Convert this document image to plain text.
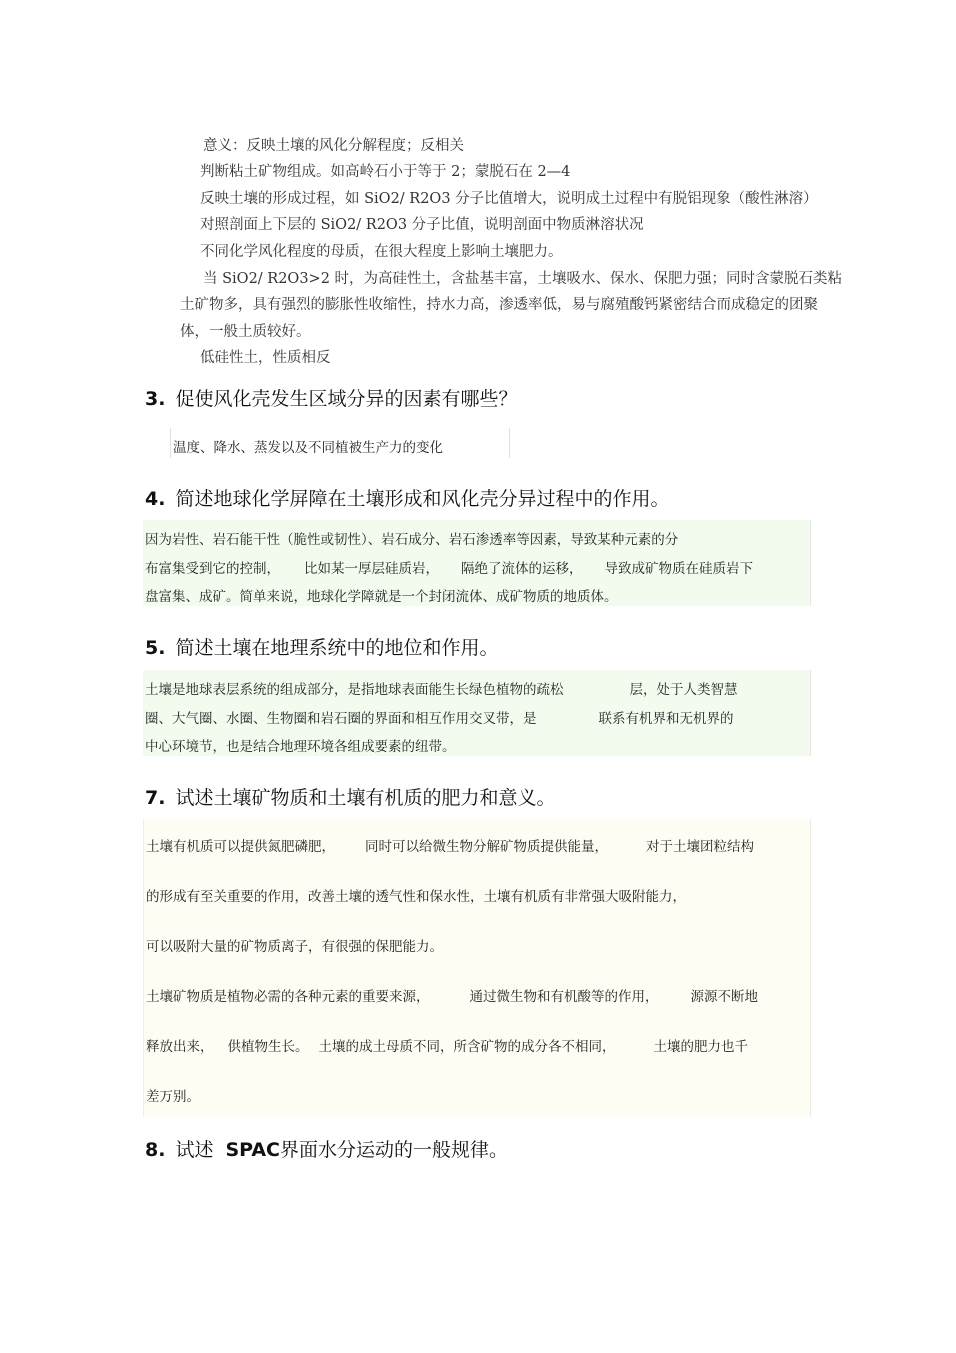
意义：反映土壤的风化分解程度；反相关
判断粘土矿物组成。如高岭石小于等于 2；蒙脱石在 2—4
反映土壤的形成过程，如 SiO2/ R2O3 分子比值增大，说明成土过程中有脱铝现象（酸性淋溶）
对照剖面上下层的 SiO2/ R2O3 分子比值，说明剖面中物质淋溶状况
不同化学风化程度的母质，在很大程度上影响土壤肥力。
当 SiO2/ R2O3>2 时，为高硅性土，含盐基丰富，土壤吸水、保水、保肥力强；同时含蒙脱石类粘
土矿物多，具有强烈的膨胀性收缩性，持水力高，渗透率低，易与腐殖酸钙紧密结合而成稳定的团聚
体，一般土质较好。
低硅性土，性质相反
3. 促使风化壳发生区域分异的因素有哪些？

温度、降水、蒸发以及不同植被生产力的变化

4. 简述地球化学屏障在土壤形成和风化壳分异过程中的作用。

因为岩性、岩石能干性（脆性或韧性）、岩石成分、岩石渗透率等因素，导致某种元素的分

布富集受到它的控制， 比如某一厚层硅质岩， 隔绝了流体的运移， 导致成矿物质在硅质岩下

盘富集、成矿。简单来说，地球化学障就是一个封闭流体、成矿物质的地质体。

5. 简述土壤在地理系统中的地位和作用。

土壤是地球表层系统的组成部分，是指地球表面能生长绿色植物的疏松	层，处于人类智慧

圈、大气圈、水圈、生物圈和岩石圈的界面和相互作用交叉带，是	联系有机界和无机界的

中心环境节，也是结合地理环境各组成要素的纽带。

7. 试述土壤矿物质和土壤有机质的肥力和意义。

土壤有机质可以提供氮肥磷肥， 同时可以给微生物分解矿物质提供能量，	对于土壤团粒结构

的形成有至关重要的作用，改善土壤的透气性和保水性，土壤有机质有非常强大吸附能力，

可以吸附大量的矿物质离子，有很强的保肥能力。

土壤矿物质是植物必需的各种元素的重要来源，	通过微生物和有机酸等的作用， 源源不断地

释放出来， 供植物生长。 土壤的成土母质不同，所含矿物的成分各不相同，	土壤的肥力也千

差万别。

8. 试述 SPAC界面水分运动的一般规律。
